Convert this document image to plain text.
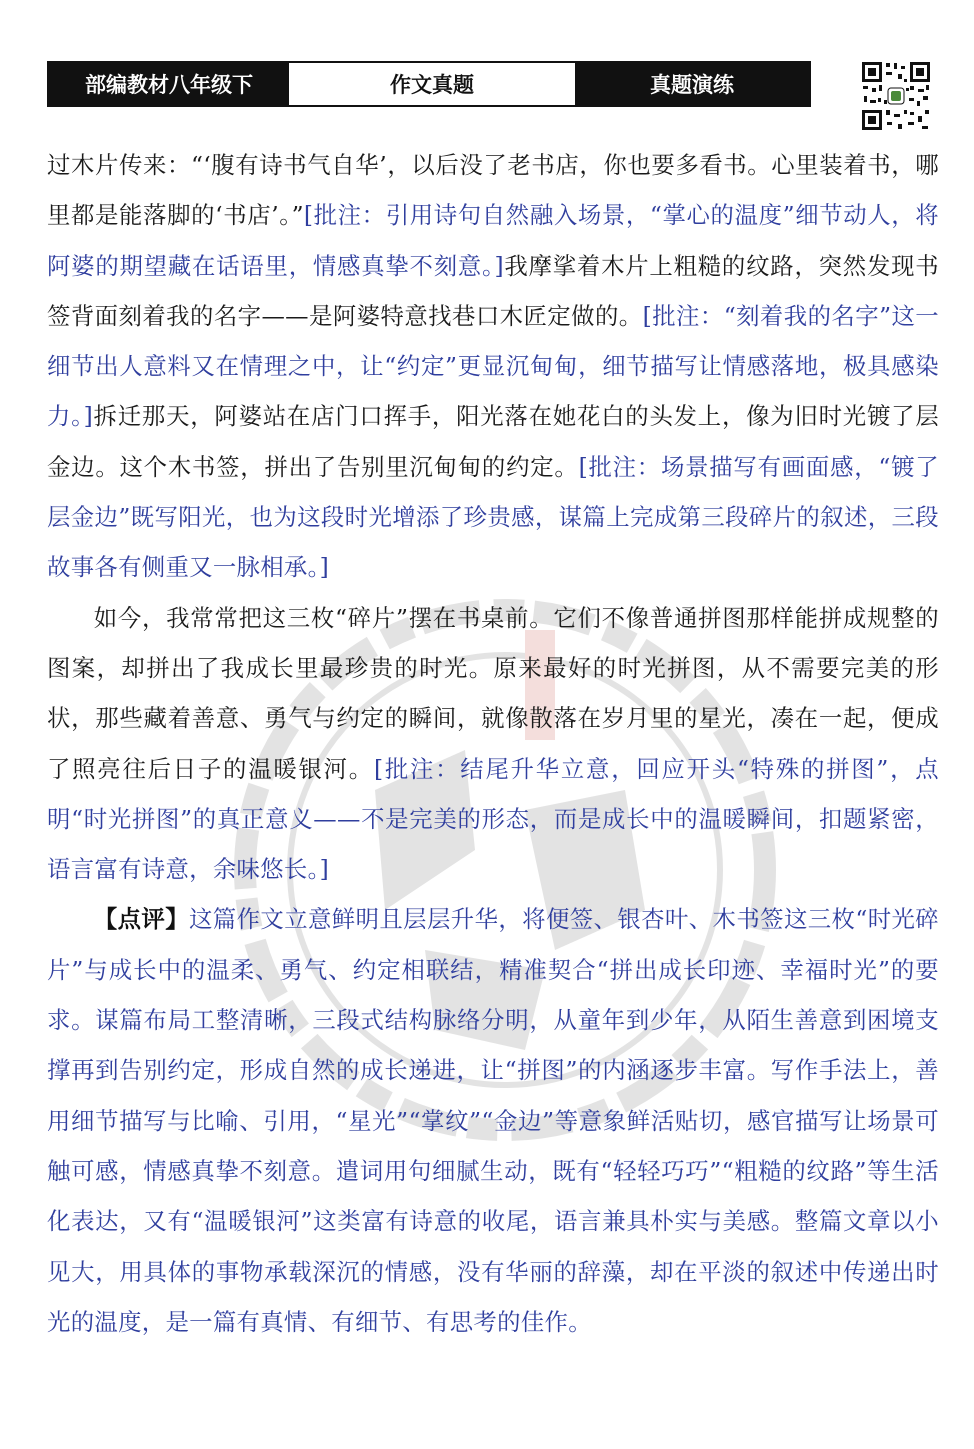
部编教材八年级下	作文真题	真题演练

过木片传来：“‘腹有诗书气自华’，以后没了老书店，你也要多看书。心里装着书，哪里都是能落脚的‘书店’。”[批注：引用诗句自然融入场景，“掌心的温度”细节动人，将阿婆的期望藏在话语里，情感真挚不刻意。]我摩挲着木片上粗糙的纹路，突然发现书签背面刻着我的名字——是阿婆特意找巷口木匠定做的。[批注：“刻着我的名字”这一细节出人意料又在情理之中，让“约定”更显沉甸甸，细节描写让情感落地，极具感染力。]拆迁那天，阿婆站在店门口挥手，阳光落在她花白的头发上，像为旧时光镀了层金边。这个木书签，拼出了告别里沉甸甸的约定。[批注：场景描写有画面感，“镀了层金边”既写阳光，也为这段时光增添了珍贵感，谋篇上完成第三段碎片的叙述，三段故事各有侧重又一脉相承。]

如今，我常常把这三枚“碎片”摆在书桌前。它们不像普通拼图那样能拼成规整的图案，却拼出了我成长里最珍贵的时光。原来最好的时光拼图，从不需要完美的形状，那些藏着善意、勇气与约定的瞬间，就像散落在岁月里的星光，凑在一起，便成了照亮往后日子的温暖银河。[批注：结尾升华立意，回应开头“特殊的拼图”，点明“时光拼图”的真正意义——不是完美的形态，而是成长中的温暖瞬间，扣题紧密，语言富有诗意，余味悠长。]

【点评】这篇作文立意鲜明且层层升华，将便签、银杏叶、木书签这三枚“时光碎片”与成长中的温柔、勇气、约定相联结，精准契合“拼出成长印迹、幸福时光”的要求。谋篇布局工整清晰，三段式结构脉络分明，从童年到少年，从陌生善意到困境支撑再到告别约定，形成自然的成长递进，让“拼图”的内涵逐步丰富。写作手法上，善用细节描写与比喻、引用，“星光”“掌纹”“金边”等意象鲜活贴切，感官描写让场景可触可感，情感真挚不刻意。遣词用句细腻生动，既有“轻轻巧巧”“粗糙的纹路”等生活化表达，又有“温暖银河”这类富有诗意的收尾，语言兼具朴实与美感。整篇文章以小见大，用具体的事物承载深沉的情感，没有华丽的辞藻，却在平淡的叙述中传递出时光的温度，是一篇有真情、有细节、有思考的佳作。
